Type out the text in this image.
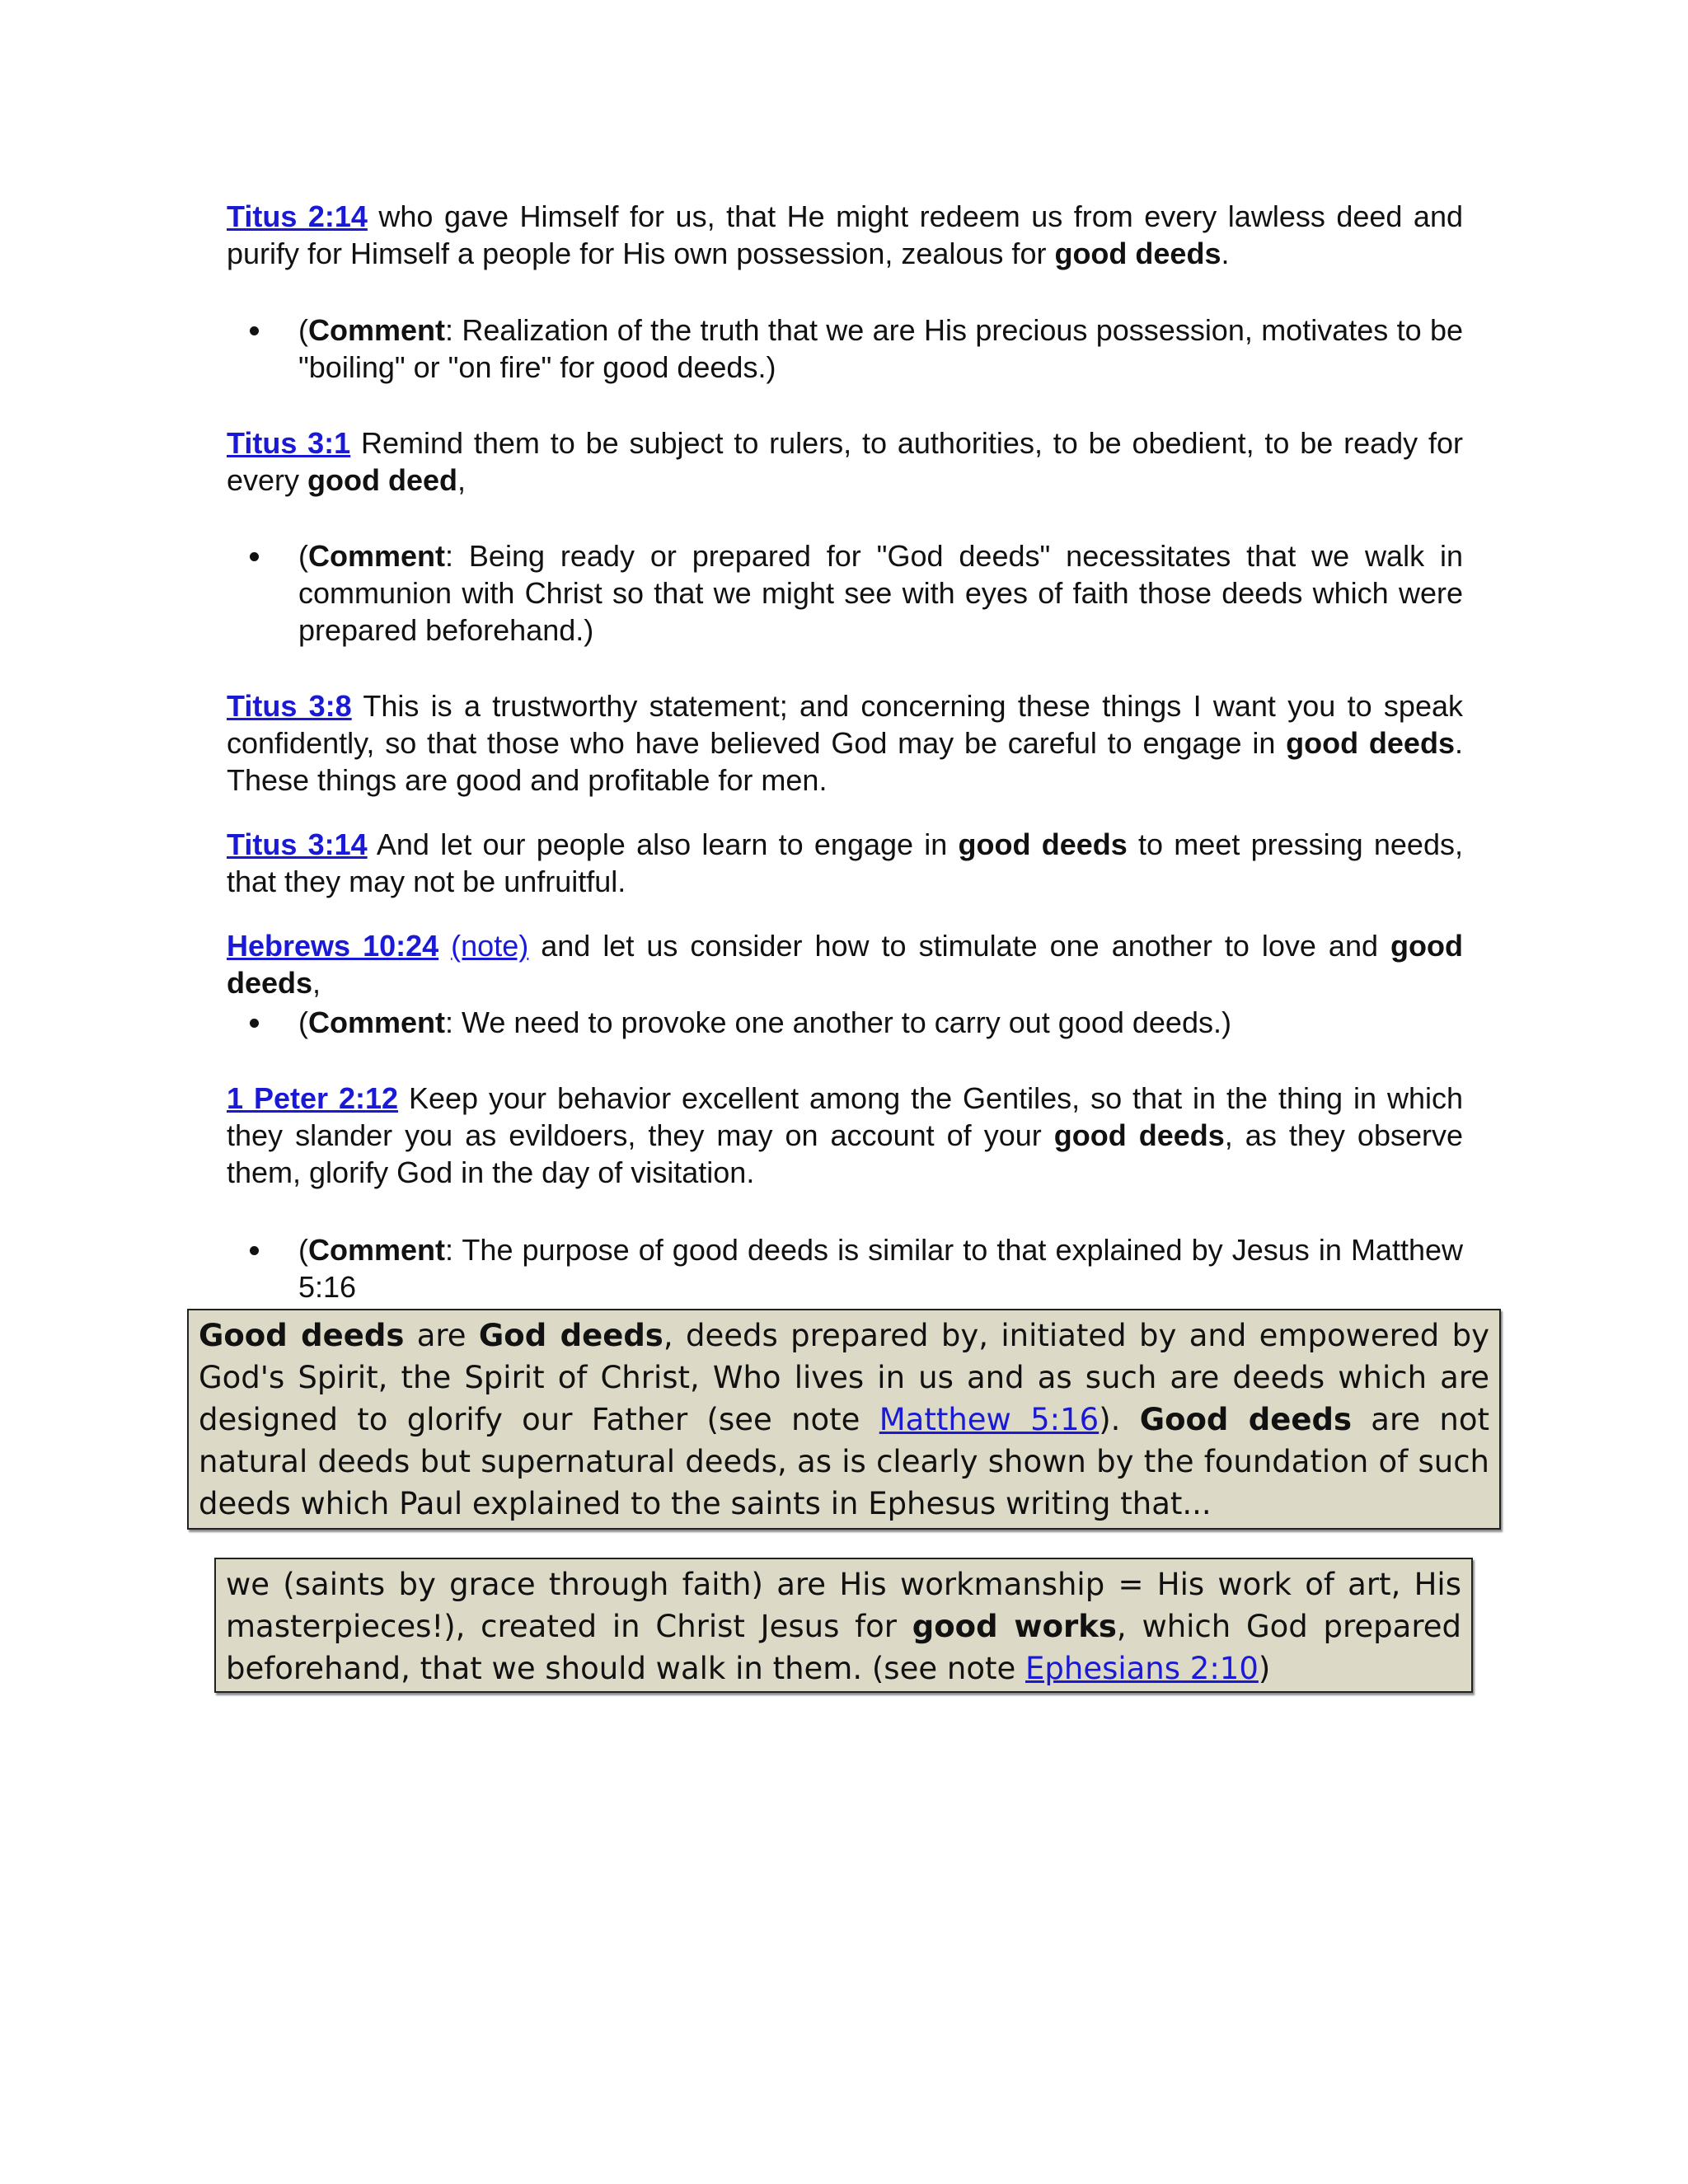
Titus 2:14 who gave Himself for us, that He might redeem us from every lawless deed and purify for Himself a people for His own possession, zealous for good deeds.

(Comment: Realization of the truth that we are His precious possession, motivates to be "boiling" or "on fire" for good deeds.)

Titus 3:1 Remind them to be subject to rulers, to authorities, to be obedient, to be ready for every good deed,

(Comment: Being ready or prepared for "God deeds" necessitates that we walk in communion with Christ so that we might see with eyes of faith those deeds which were prepared beforehand.)

Titus 3:8 This is a trustworthy statement; and concerning these things I want you to speak confidently, so that those who have believed God may be careful to engage in good deeds. These things are good and profitable for men.

Titus 3:14 And let our people also learn to engage in good deeds to meet pressing needs, that they may not be unfruitful.

Hebrews 10:24 (note) and let us consider how to stimulate one another to love and good deeds,

(Comment: We need to provoke one another to carry out good deeds.)

1 Peter 2:12 Keep your behavior excellent among the Gentiles, so that in the thing in which they slander you as evildoers, they may on account of your good deeds, as they observe them, glorify God in the day of visitation.

(Comment: The purpose of good deeds is similar to that explained by Jesus in Matthew 5:16
Good deeds are God deeds, deeds prepared by, initiated by and empowered by God's Spirit, the Spirit of Christ, Who lives in us and as such are deeds which are designed to glorify our Father (see note Matthew 5:16). Good deeds are not natural deeds but supernatural deeds, as is clearly shown by the foundation of such deeds which Paul explained to the saints in Ephesus writing that...
we (saints by grace through faith) are His workmanship = His work of art, His masterpieces!), created in Christ Jesus for good works, which God prepared beforehand, that we should walk in them. (see note Ephesians 2:10)
